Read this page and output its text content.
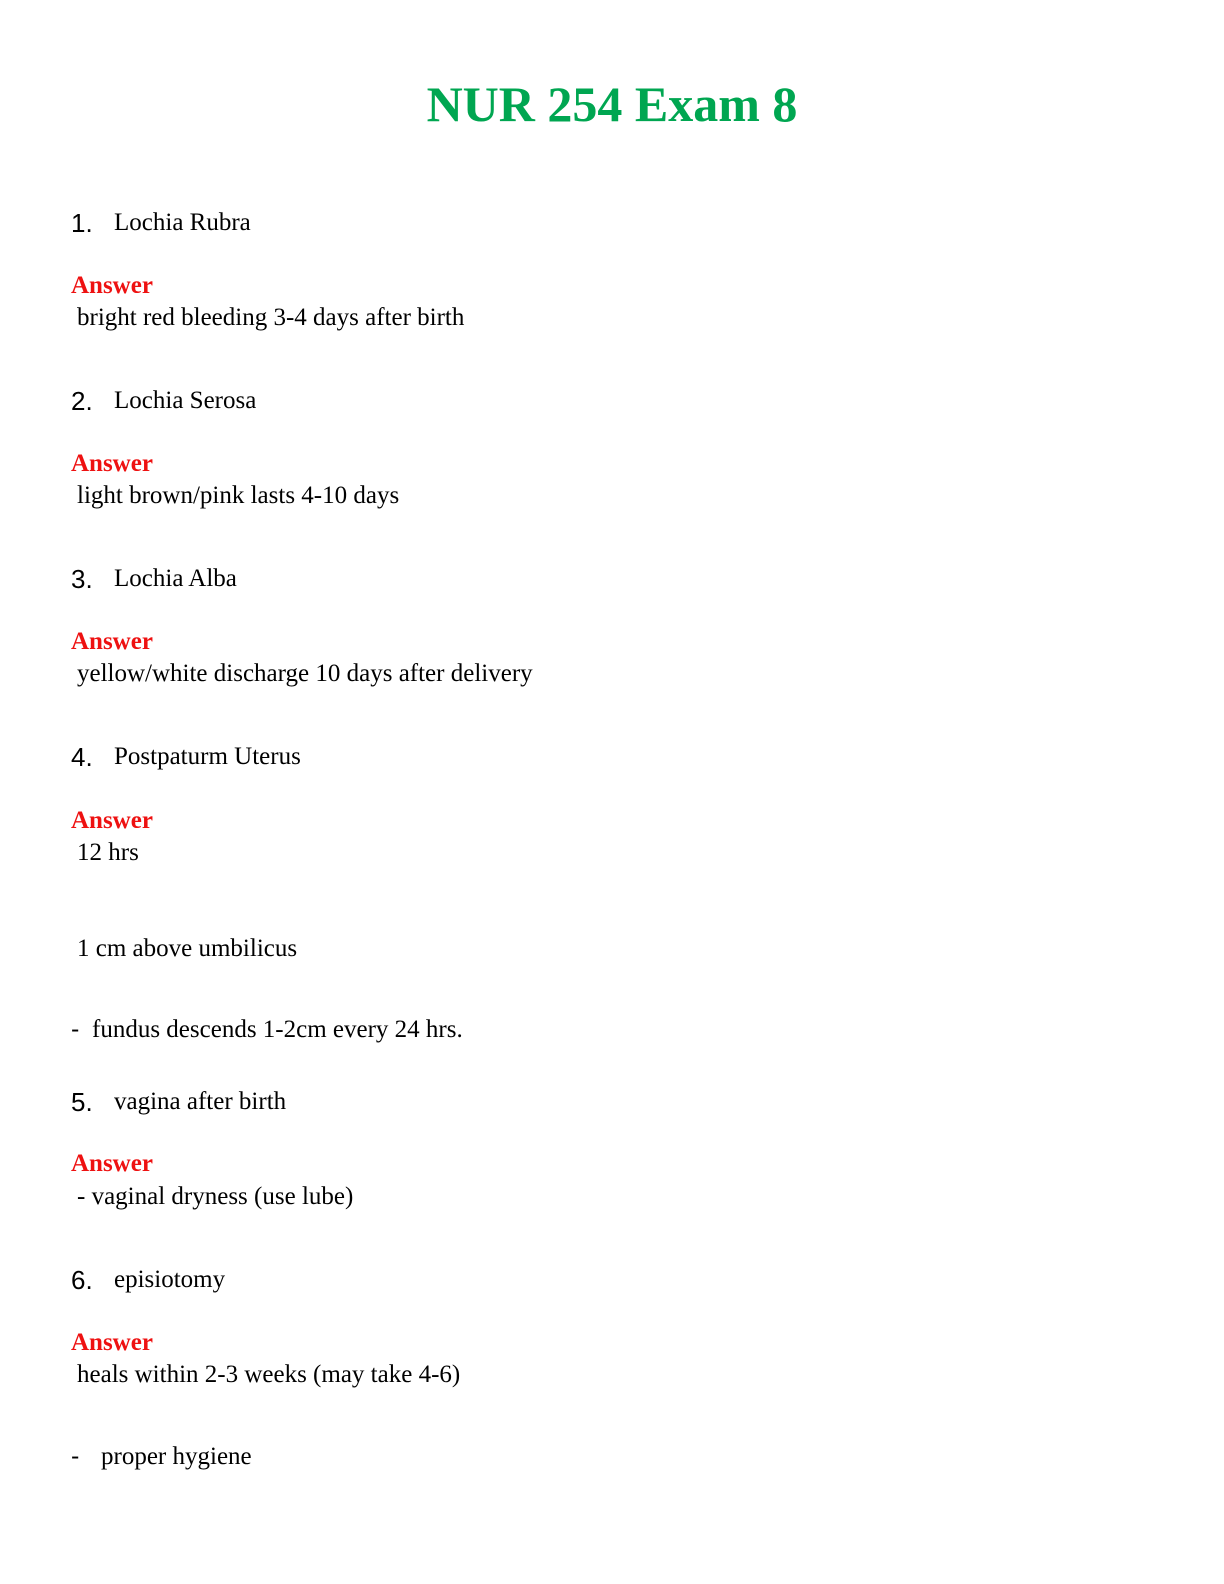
NUR 254 Exam 8
1. Lochia Rubra
Answer
bright red bleeding 3-4 days after birth
2. Lochia Serosa
Answer
light brown/pink lasts 4-10 days
3. Lochia Alba
Answer
yellow/white discharge 10 days after delivery
4. Postpaturm Uterus
Answer
12 hrs
1 cm above umbilicus
- fundus descends 1-2cm every 24 hrs.
5. vagina after birth
Answer
- vaginal dryness (use lube)
6. episiotomy
Answer
heals within 2-3 weeks (may take 4-6)
- proper hygiene
